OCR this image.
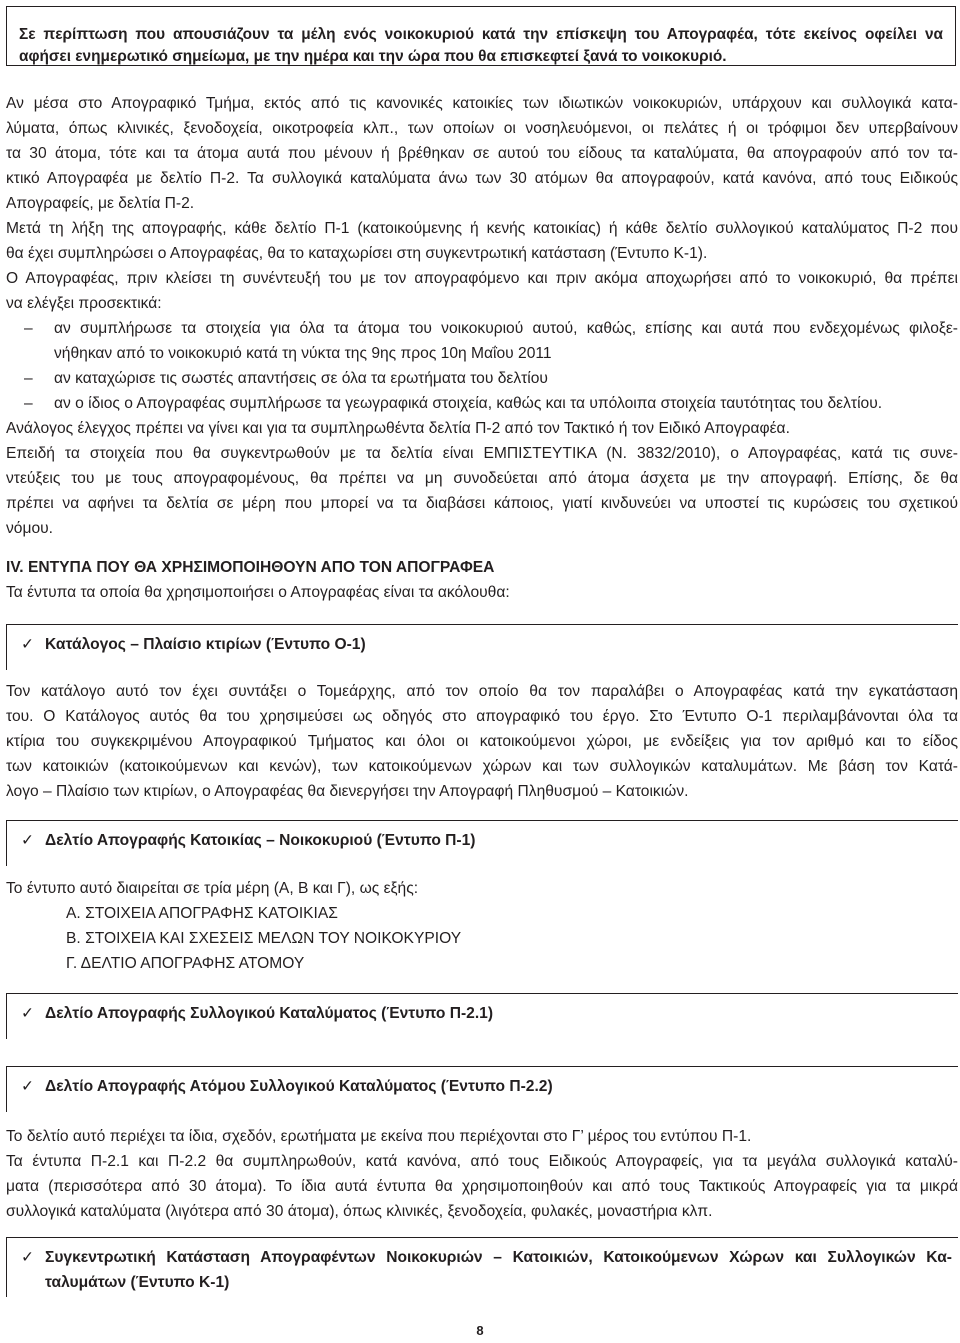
Σε περίπτωση που απουσιάζουν τα μέλη ενός νοικοκυριού κατά την επίσκεψη του Απογραφέα, τότε εκείνος οφείλει να
αφήσει ενημερωτικό σημείωμα, με την ημέρα και την ώρα που θα επισκεφτεί ξανά το νοικοκυριό.
Αν μέσα στο Απογραφικό Τμήμα, εκτός από τις κανονικές κατοικίες των ιδιωτικών νοικοκυριών, υπάρχουν και συλλογικά κατα-
λύματα, όπως κλινικές, ξενοδοχεία, οικοτροφεία κλπ., των οποίων οι νοσηλευόμενοι, οι πελάτες ή οι τρόφιμοι δεν υπερβαίνουν
τα 30 άτομα, τότε και τα άτομα αυτά που μένουν ή βρέθηκαν σε αυτού του είδους τα καταλύματα, θα απογραφούν από τον τα-
κτικό Απογραφέα με δελτίο Π-2. Τα συλλογικά καταλύματα άνω των 30 ατόμων θα απογραφούν, κατά κανόνα, από τους Ειδικούς
Απογραφείς, με δελτία Π-2.
Μετά τη λήξη της απογραφής, κάθε δελτίο Π-1 (κατοικούμενης ή κενής κατοικίας) ή κάθε δελτίο συλλογικού καταλύματος Π-2 που
θα έχει συμπληρώσει ο Απογραφέας, θα το καταχωρίσει στη συγκεντρωτική κατάσταση (Έντυπο Κ-1).
Ο Απογραφέας, πριν κλείσει τη συνέντευξή του με τον απογραφόμενο και πριν ακόμα αποχωρήσει από το νοικοκυριό, θα πρέπει
να ελέγξει προσεκτικά:
–	αν συμπλήρωσε τα στοιχεία για όλα τα άτομα του νοικοκυριού αυτού, καθώς, επίσης και αυτά που ενδεχομένως φιλοξε-
νήθηκαν από το νοικοκυριό κατά τη νύκτα της 9ης προς 10η Μαΐου 2011
–	αν καταχώρισε τις σωστές απαντήσεις σε όλα τα ερωτήματα του δελτίου
–	αν ο ίδιος ο Απογραφέας συμπλήρωσε τα γεωγραφικά στοιχεία, καθώς και τα υπόλοιπα στοιχεία ταυτότητας του δελτίου.
Ανάλογος έλεγχος πρέπει να γίνει και για τα συμπληρωθέντα δελτία Π-2 από τον Τακτικό ή τον Ειδικό Απογραφέα.
Επειδή τα στοιχεία που θα συγκεντρωθούν με τα δελτία είναι ΕΜΠΙΣΤΕΥΤΙΚΑ (Ν. 3832/2010), ο Απογραφέας, κατά τις συνε-
ντεύξεις του με τους απογραφομένους, θα πρέπει να μη συνοδεύεται από άτομα άσχετα με την απογραφή. Επίσης, δε θα
πρέπει να αφήνει τα δελτία σε μέρη που μπορεί να τα διαβάσει κάποιος, γιατί κινδυνεύει να υποστεί τις κυρώσεις του σχετικού
νόμου.
IV. ΕΝΤΥΠΑ ΠΟΥ ΘΑ ΧΡΗΣΙΜΟΠΟΙΗΘΟΥΝ ΑΠΟ ΤΟΝ ΑΠΟΓΡΑΦΕΑ
Τα έντυπα τα οποία θα χρησιμοποιήσει ο Απογραφέας είναι τα ακόλουθα:
✓ Κατάλογος – Πλαίσιο κτιρίων (Έντυπο Ο-1)
Τον κατάλογο αυτό τον έχει συντάξει ο Τομεάρχης, από τον οποίο θα τον παραλάβει ο Απογραφέας κατά την εγκατάσταση
του. Ο Κατάλογος αυτός θα του χρησιμεύσει ως οδηγός στο απογραφικό του έργο. Στο Έντυπο Ο-1 περιλαμβάνονται όλα τα
κτίρια του συγκεκριμένου Απογραφικού Τμήματος και όλοι οι κατοικούμενοι χώροι, με ενδείξεις για τον αριθμό και το είδος
των κατοικιών (κατοικούμενων και κενών), των κατοικούμενων χώρων και των συλλογικών καταλυμάτων. Με βάση τον Κατά-
λογο – Πλαίσιο των κτιρίων, ο Απογραφέας θα διενεργήσει την Απογραφή Πληθυσμού – Κατοικιών.
✓ Δελτίο Απογραφής Κατοικίας – Νοικοκυριού (Έντυπο Π-1)
Το έντυπο αυτό διαιρείται σε τρία μέρη (Α, Β και Γ), ως εξής:
Α. ΣΤΟΙΧΕΙΑ ΑΠΟΓΡΑΦΗΣ ΚΑΤΟΙΚΙΑΣ
Β. ΣΤΟΙΧΕΙΑ ΚΑΙ ΣΧΕΣΕΙΣ ΜΕΛΩΝ ΤΟΥ ΝΟΙΚΟΚΥΡΙΟΥ
Γ. ΔΕΛΤΙΟ ΑΠΟΓΡΑΦΗΣ ΑΤΟΜΟΥ
✓ Δελτίο Απογραφής Συλλογικού Καταλύματος (Έντυπο Π-2.1)
✓ Δελτίο Απογραφής Ατόμου Συλλογικού Καταλύματος (Έντυπο Π-2.2)
Το δελτίο αυτό περιέχει τα ίδια, σχεδόν, ερωτήματα με εκείνα που περιέχονται στο Γ’ μέρος του εντύπου Π-1.
Τα έντυπα Π-2.1 και Π-2.2 θα συμπληρωθούν, κατά κανόνα, από τους Ειδικούς Απογραφείς, για τα μεγάλα συλλογικά καταλύ-
ματα (περισσότερα από 30 άτομα). Το ίδια αυτά έντυπα θα χρησιμοποιηθούν και από τους Τακτικούς Απογραφείς για τα μικρά
συλλογικά καταλύματα (λιγότερα από 30 άτομα), όπως κλινικές, ξενοδοχεία, φυλακές, μοναστήρια κλπ.
✓ Συγκεντρωτική Κατάσταση Απογραφέντων Νοικοκυριών – Κατοικιών, Κατοικούμενων Χώρων και Συλλογικών Κα-
ταλυμάτων (Έντυπο Κ-1)
8
